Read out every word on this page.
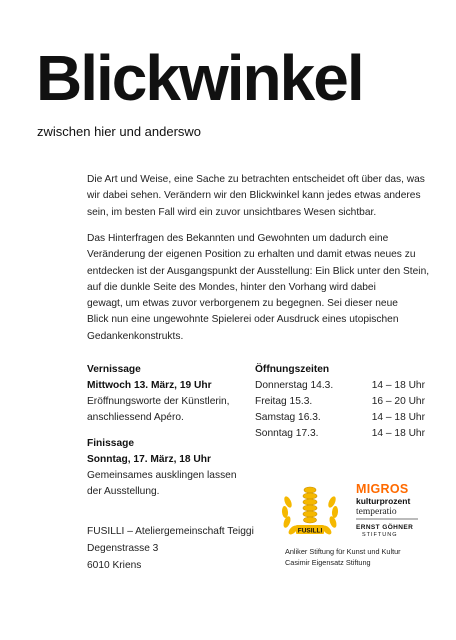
Blickwinkel
zwischen hier und anderswo
Die Art und Weise, eine Sache zu betrachten entscheidet oft über das, was
wir dabei sehen. Verändern wir den Blickwinkel kann jedes etwas anderes
sein, im besten Fall wird ein zuvor unsichtbares Wesen sichtbar.
Das Hinterfragen des Bekannten und Gewohnten um dadurch eine
Veränderung der eigenen Position zu erhalten und damit etwas neues zu
entdecken ist der Ausgangspunkt der Ausstellung: Ein Blick unter den Stein,
auf die dunkle Seite des Mondes, hinter den Vorhang wird dabei
gewagt, um etwas zuvor verborgenem zu begegnen. Sei dieser neue
Blick nun eine ungewohnte Spielerei oder Ausdruck eines utopischen
Gedankenkonstrukts.
Vernissage
Mittwoch 13. März, 19 Uhr
Eröffnungsworte der Künstlerin,
anschliessend Apéro.
Finissage
Sonntag, 17. März, 18 Uhr
Gemeinsames ausklingen lassen
der Ausstellung.
Öffnungszeiten
Donnerstag 14.3.	14 – 18 Uhr
Freitag 15.3.	16 – 20 Uhr
Samstag 16.3.	14 – 18 Uhr
Sonntag 17.3.	14 – 18 Uhr
FUSILLI – Ateliergemeinschaft Teiggi
Degenstrasse 3
6010 Kriens
FUSILLI
MIGROS
kulturprozent
temperatio
ERNST GÖHNER
STIFTUNG
Anliker Stiftung für Kunst und Kultur
Casimir Eigensatz Stiftung
